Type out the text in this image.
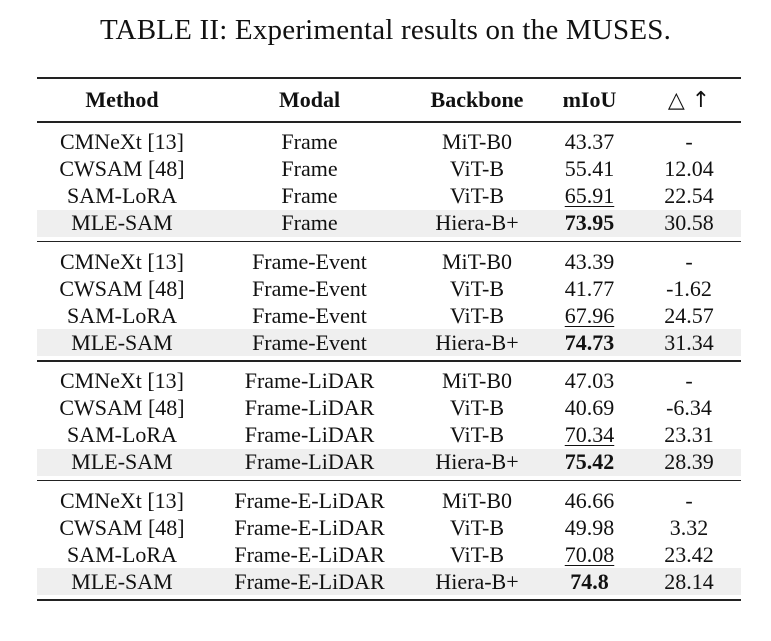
TABLE II: Experimental results on the MUSES.
Method	Modal	Backbone	mIoU	△ ↑
CMNeXt [13]	Frame	MiT-B0	43.37	-
CWSAM [48]	Frame	ViT-B	55.41	12.04
SAM-LoRA	Frame	ViT-B	65.91	22.54
MLE-SAM	Frame	Hiera-B+	73.95	30.58
CMNeXt [13]	Frame-Event	MiT-B0	43.39	-
CWSAM [48]	Frame-Event	ViT-B	41.77	-1.62
SAM-LoRA	Frame-Event	ViT-B	67.96	24.57
MLE-SAM	Frame-Event	Hiera-B+	74.73	31.34
CMNeXt [13]	Frame-LiDAR	MiT-B0	47.03	-
CWSAM [48]	Frame-LiDAR	ViT-B	40.69	-6.34
SAM-LoRA	Frame-LiDAR	ViT-B	70.34	23.31
MLE-SAM	Frame-LiDAR	Hiera-B+	75.42	28.39
CMNeXt [13]	Frame-E-LiDAR	MiT-B0	46.66	-
CWSAM [48]	Frame-E-LiDAR	ViT-B	49.98	3.32
SAM-LoRA	Frame-E-LiDAR	ViT-B	70.08	23.42
MLE-SAM	Frame-E-LiDAR	Hiera-B+	74.8	28.14
